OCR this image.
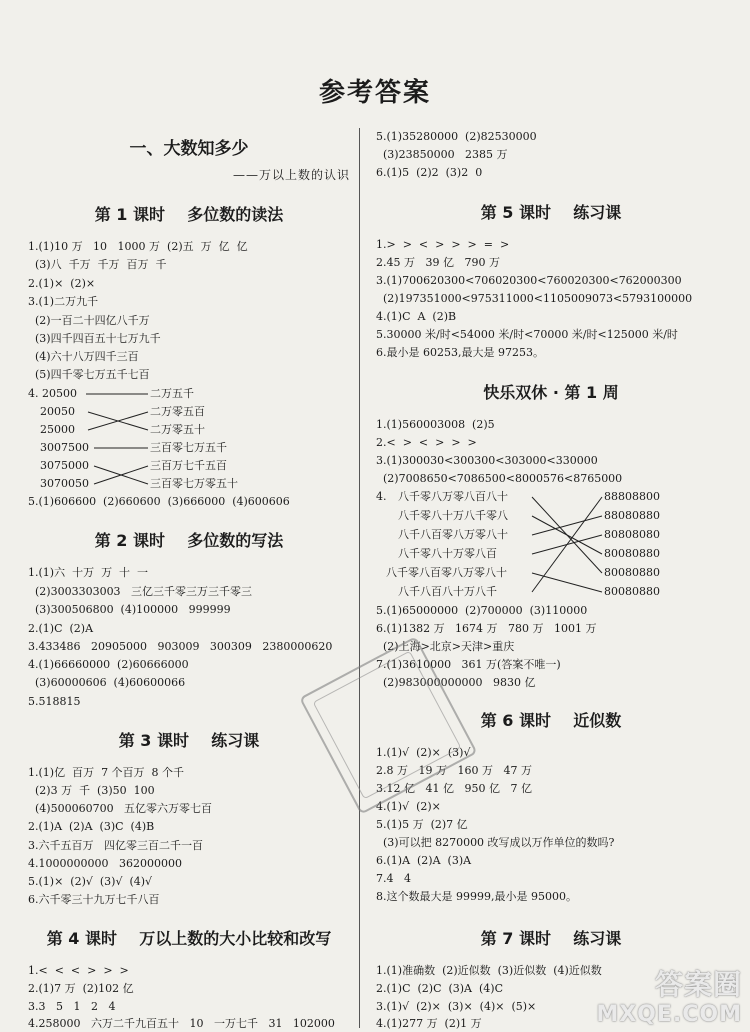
参考答案
一、大数知多少
——万以上数的认识
第 1 课时    多位数的读法
1.(1)10 万   10   1000 万  (2)五  万  亿  亿
(3)八  千万  千万  百万  千
2.(1)×  (2)×
3.(1)二万九千
(2)一百二十四亿八千万
(3)四千四百五十七万九千
(4)六十八万四千三百
(5)四千零七万五千七百
4. 20500
20050
25000
3007500
3075000
3070050
二万五千
二万零五百
二万零五十
三百零七万五千
三百万七千五百
三百零七万零五十
5.(1)606600  (2)660600  (3)666000  (4)600606
第 2 课时    多位数的写法
1.(1)六  十万  万  十  一
(2)3003303003   三亿三千零三万三千零三
(3)300506800  (4)100000   999999
2.(1)C  (2)A
3.433486   20905000   903009   300309   2380000620
4.(1)66660000  (2)60666000
(3)60000606  (4)60600066
5.518815
第 3 课时    练习课
1.(1)亿  百万  7 个百万  8 个千
(2)3 万  千  (3)50  100
(4)500060700   五亿零六万零七百
2.(1)A  (2)A  (3)C  (4)B
3.六千五百万   四亿零三百二千一百
4.1000000000   362000000
5.(1)×  (2)√  (3)√  (4)√
6.六千零三十九万七千八百
第 4 课时    万以上数的大小比较和改写
1.<  <  <  >  >  >
2.(1)7 万  (2)102 亿
3.3   5   1   2   4
4.258000   六万二千九百五十   10   一万七千   31   102000
5.(1)35280000  (2)82530000
(3)23850000   2385 万
6.(1)5  (2)2  (3)2  0
第 5 课时    练习课
1.>  >  <  >  >  >  =  >
2.45 万   39 亿   790 万
3.(1)700620300<706020300<760020300<762000300
(2)197351000<975311000<1105009073<5793100000
4.(1)C  A  (2)B
5.30000 米/时<54000 米/时<70000 米/时<125000 米/时
6.最小是 60253,最大是 97253。
快乐双休 · 第 1 周
1.(1)560003008  (2)5
2.<  >  <  >  >  >
3.(1)300030<300300<303000<330000
(2)7008650<7086500<8000576<8765000
4. 八千零八万零八百八十
八千零八十万八千零八
八千八百零八万零八十
八千零八十万零八百
八千零八百零八万零八十
八千八百八十万八千
88808800
88080880
80808080
80080880
80080880
80080880
5.(1)65000000  (2)700000  (3)110000
6.(1)1382 万   1674 万   780 万   1001 万
(2)上海>北京>天津>重庆
7.(1)3610000   361 万(答案不唯一)
(2)983000000000   9830 亿
第 6 课时    近似数
1.(1)√  (2)×  (3)√
2.8 万   19 万   160 万   47 万
3.12 亿   41 亿   950 亿   7 亿
4.(1)√  (2)×
5.(1)5 万  (2)7 亿
(3)可以把 8270000 改写成以万作单位的数吗?
6.(1)A  (2)A  (3)A
7.4   4
8.这个数最大是 99999,最小是 95000。
第 7 课时    练习课
1.(1)准确数  (2)近似数  (3)近似数  (4)近似数
2.(1)C  (2)C  (3)A  (4)C
3.(1)√  (2)×  (3)×  (4)×  (5)×
4.(1)277 万  (2)1 万
答案圈
MXQE.COM
